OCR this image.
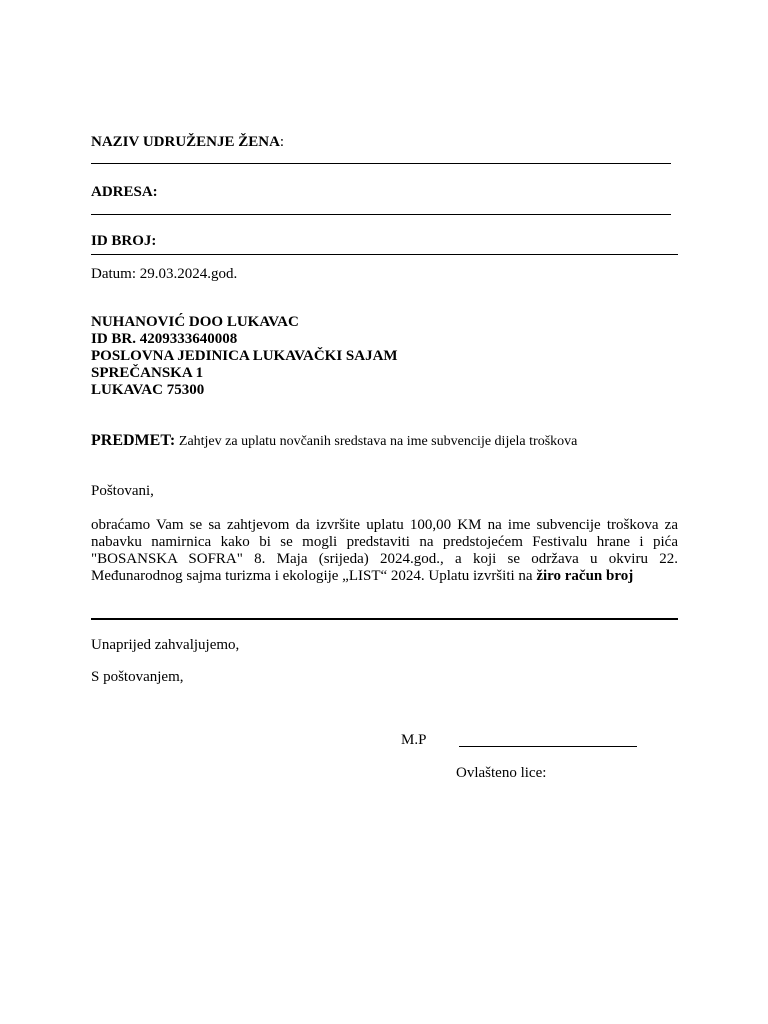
NAZIV UDRUŽENJE ŽENA:
ADRESA:
ID BROJ:
Datum: 29.03.2024.god.
NUHANOVIĆ DOO LUKAVAC
ID BR. 4209333640008
POSLOVNA JEDINICA LUKAVAČKI SAJAM
SPREČANSKA 1
LUKAVAC 75300
PREDMET: Zahtjev za uplatu novčanih sredstava na ime subvencije dijela troškova
Poštovani,
obraćamo Vam se sa zahtjevom da izvršite uplatu 100,00 KM na ime subvencije troškova za
nabavku namirnica kako bi se mogli predstaviti na predstojećem Festivalu hrane i pića
"BOSANSKA SOFRA" 8. Maja (srijeda) 2024.god., a koji se održava u okviru 22.
Međunarodnog sajma turizma i ekologije „LIST“ 2024. Uplatu izvršiti na žiro račun broj
Unaprijed zahvaljujemo,
S poštovanjem,
M.P
Ovlašteno lice:
